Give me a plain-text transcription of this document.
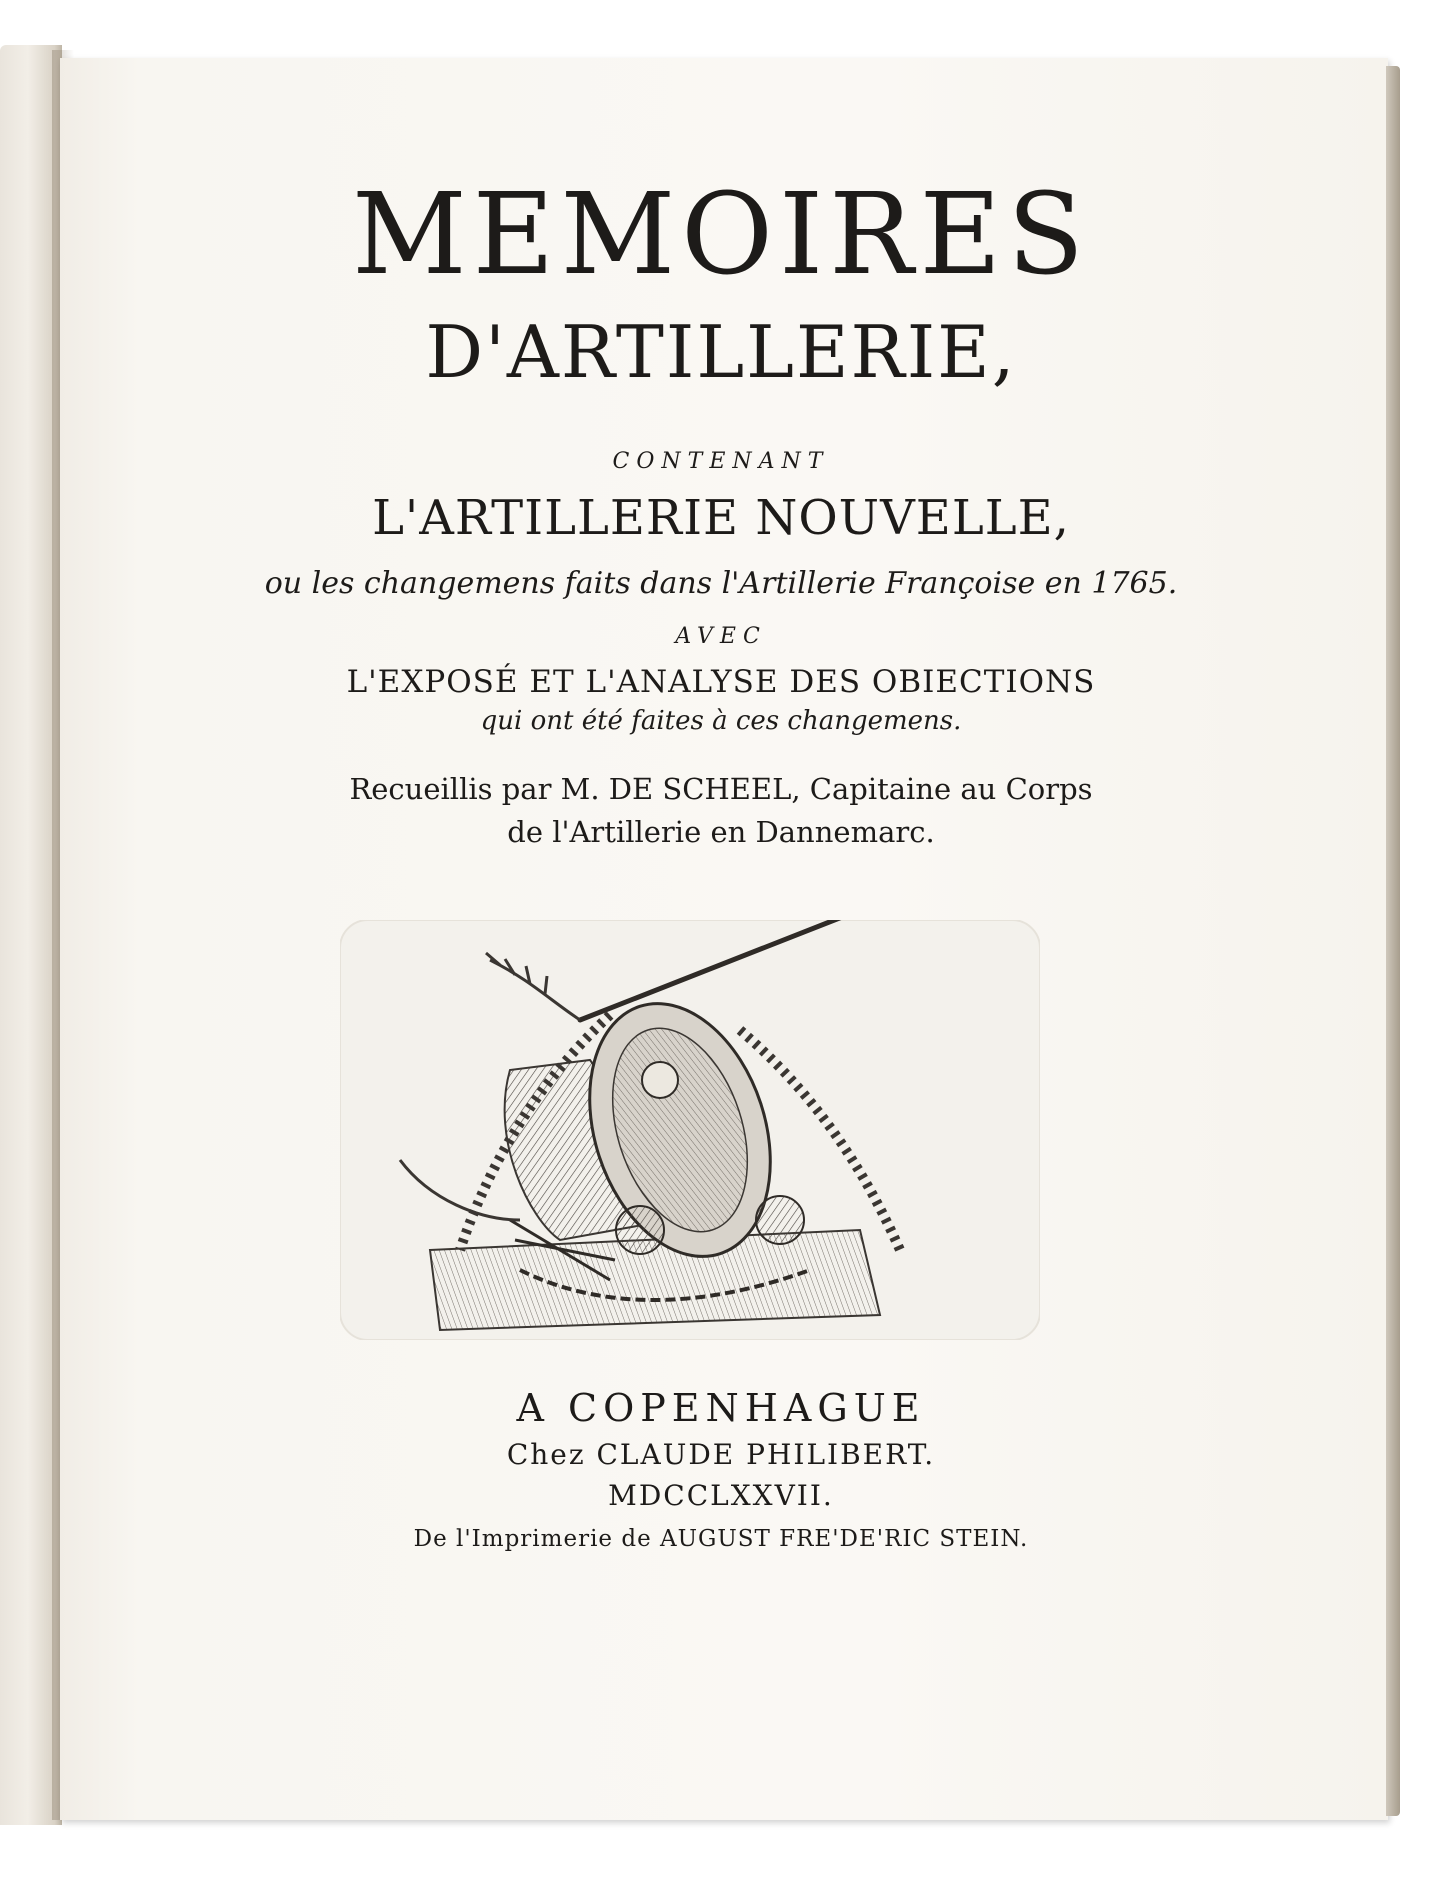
MEMOIRES
D'ARTILLERIE,
CONTENANT
L'ARTILLERIE NOUVELLE,
ou les changemens faits dans l'Artillerie Françoise en 1765.
AVEC
L'EXPOSÉ ET L'ANALYSE DES OBIECTIONS
qui ont été faites à ces changemens.
Recueillis par M. DE SCHEEL, Capitaine au Corps
de l'Artillerie en Dannemarc.
A COPENHAGUE
Chez CLAUDE PHILIBERT.
MDCCLXXVII.
De l'Imprimerie de AUGUST FRE'DE'RIC STEIN.
